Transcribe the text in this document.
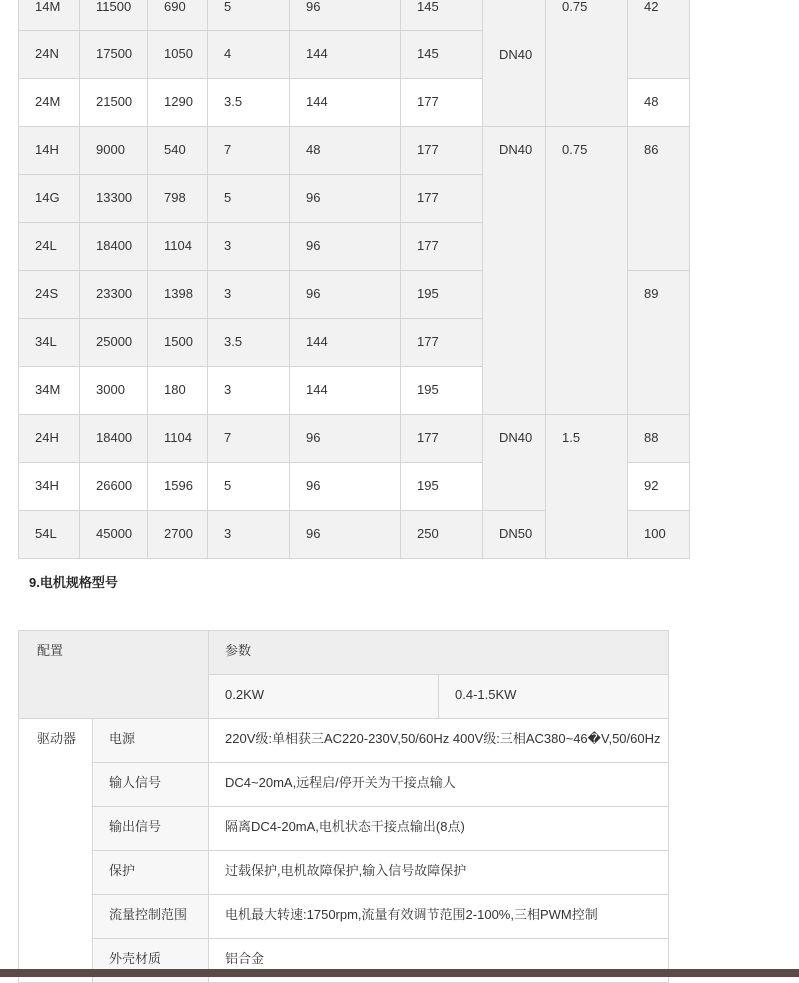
14M	11500	690	5	96	145	DN40	0.75	42
24N	17500	1050	4	144	145			
24M	21500	1290	3.5	144	177			48
14H	9000	540	7	48	177	DN40	0.75	86
14G	13300	798	5	96	177			
24L	18400	1104	3	96	177			
24S	23300	1398	3	96	195			89
34L	25000	1500	3.5	144	177			
34M	3000	180	3	144	195			
24H	18400	1104	7	96	177	DN40	1.5	88
34H	26600	1596	5	96	195			92
54L	45000	2700	3	96	250	DN50		100
9.电机规格型号
配置		参数	
		0.2KW	0.4-1.5KW
驱动器	电源	220V级:单相获三AC220-230V,50/60Hz 400V级:三相AC380~46�V,50/60Hz	
	输人信号	DC4~20mA,远程启/停开关为干接点输人	
	输出信号	隔离DC4-20mA,电机状态干接点输出(8点)	
	保护	过载保护,电机故障保护,输入信号故障保护	
	流量控制范围	电机最大转速:1750rpm,流量有效调节范围2-100%,三相PWM控制	
	外壳材质	铝合金	
